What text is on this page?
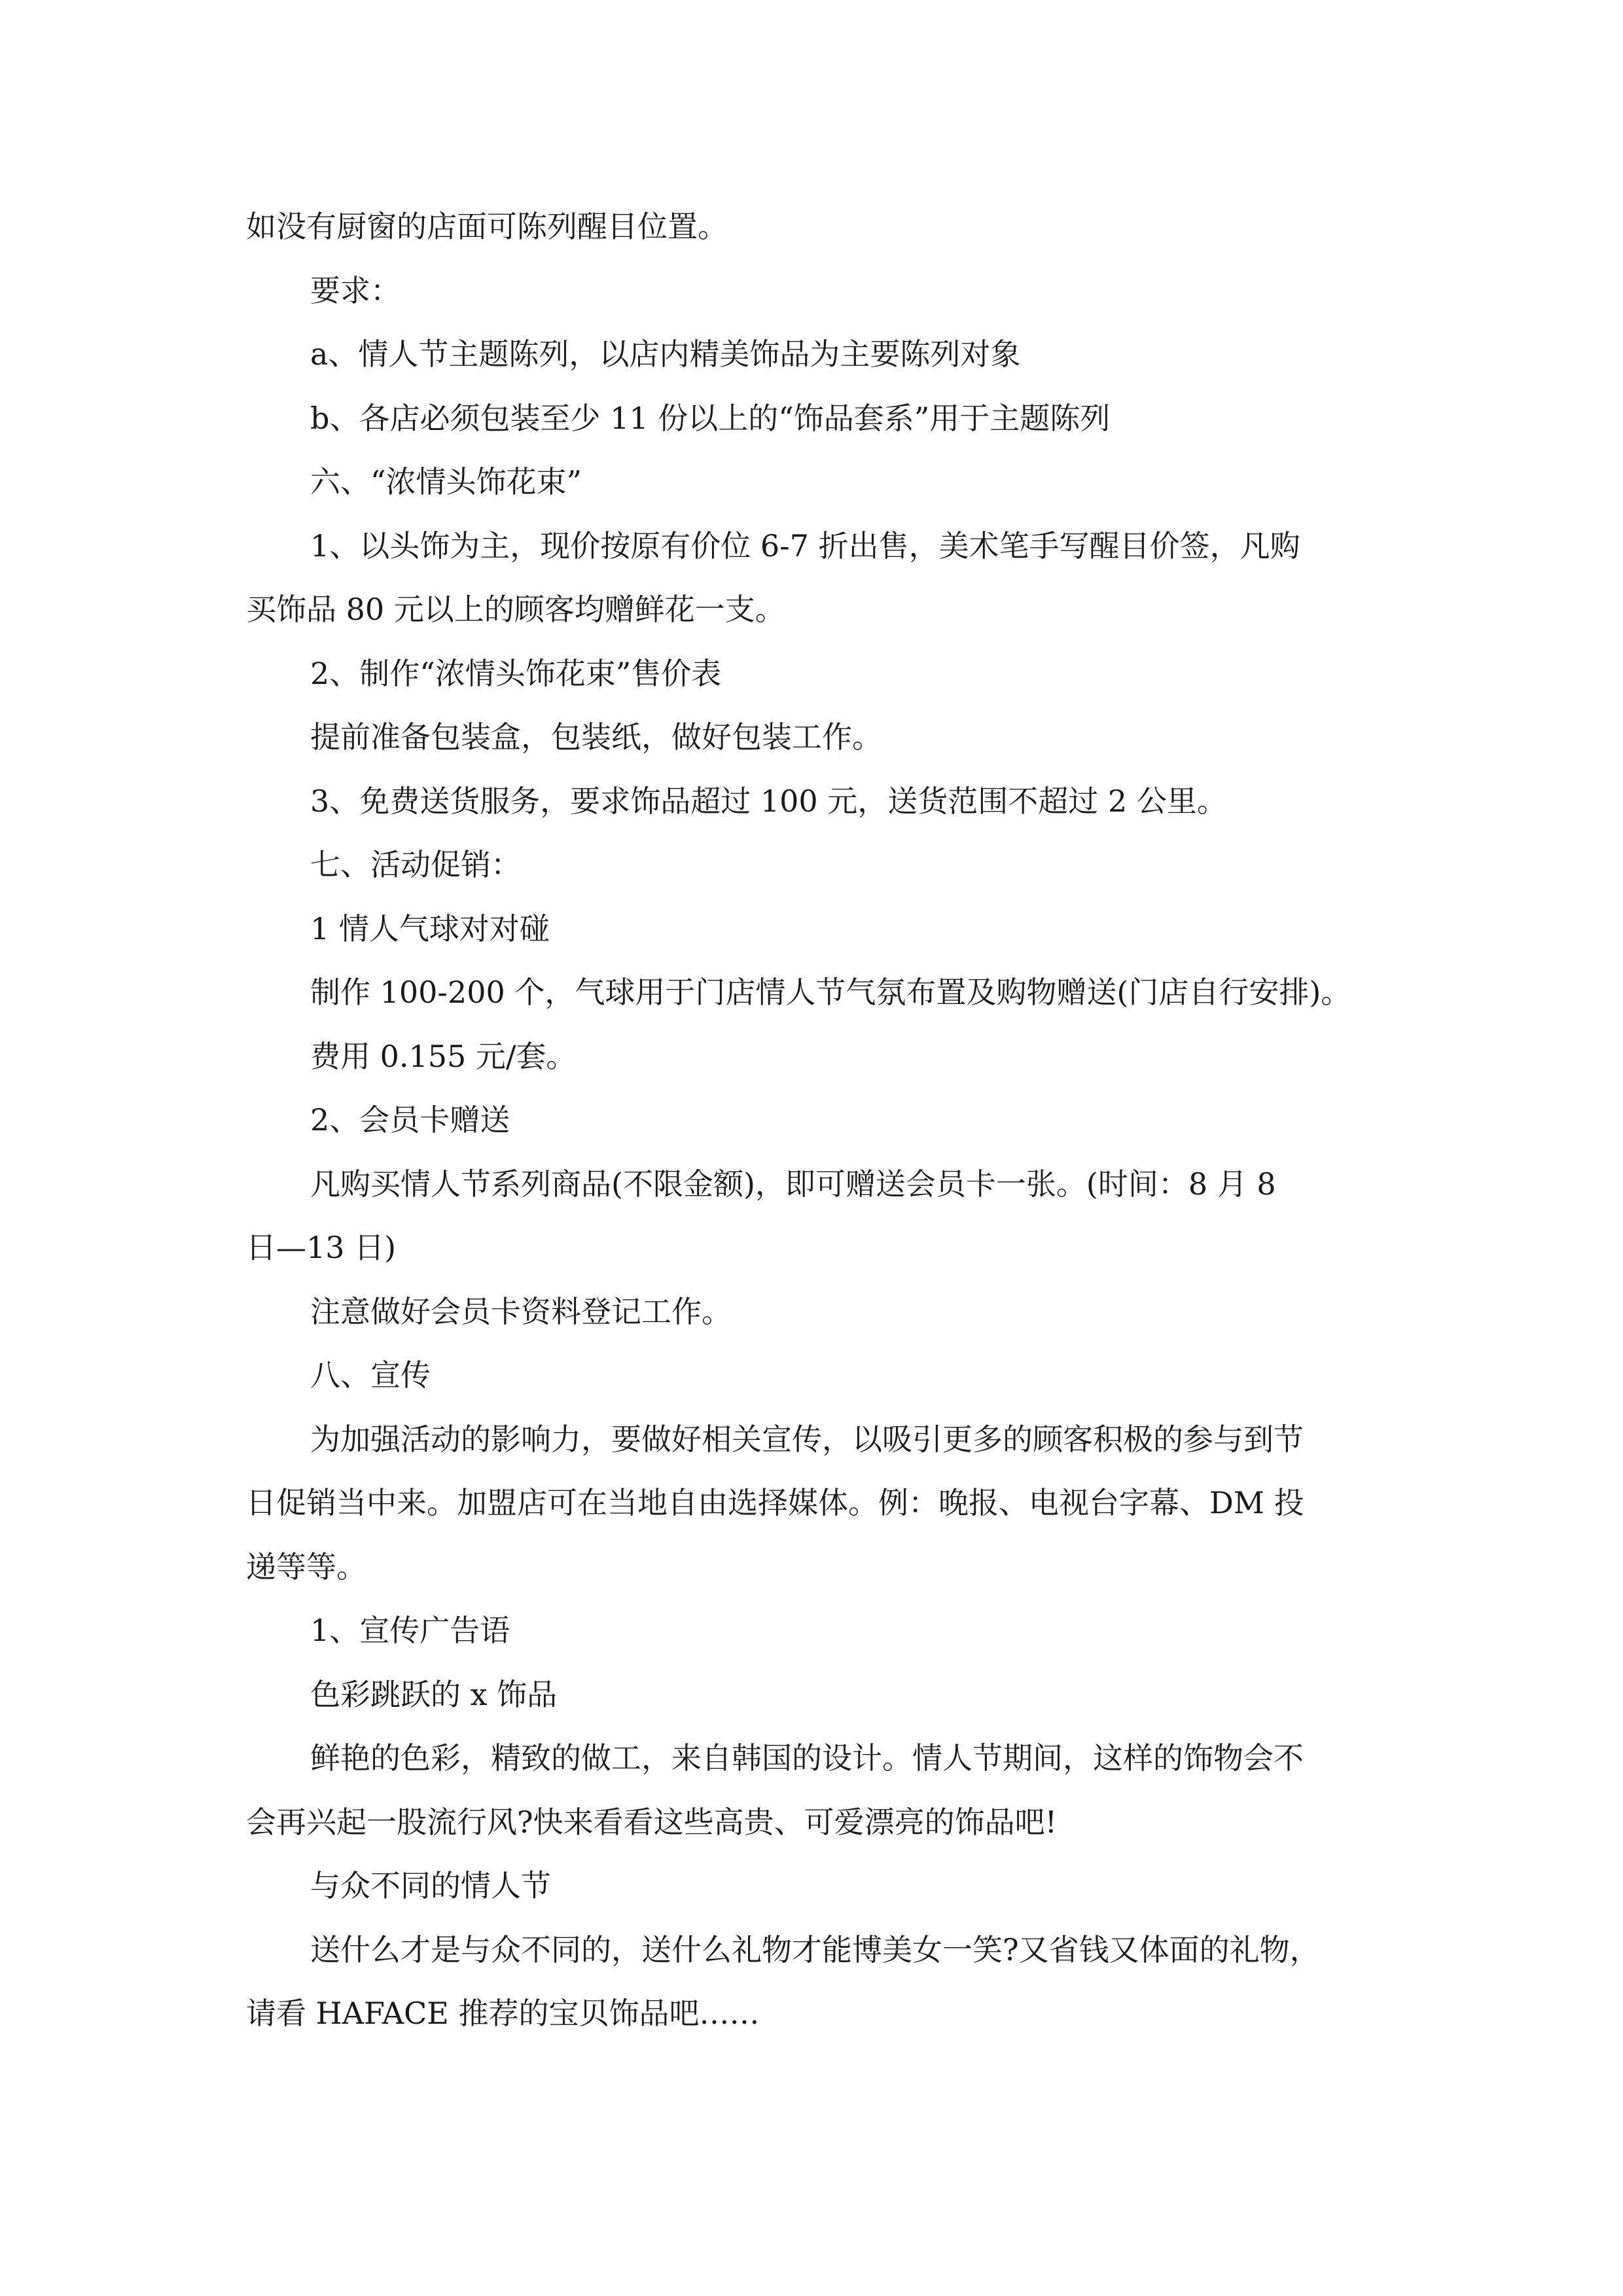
如没有厨窗的店面可陈列醒目位置。

要求：

a、情人节主题陈列，以店内精美饰品为主要陈列对象

b、各店必须包装至少 11 份以上的“饰品套系”用于主题陈列

六、“浓情头饰花束”

1、以头饰为主，现价按原有价位 6-7 折出售，美术笔手写醒目价签，凡购

买饰品 80 元以上的顾客均赠鲜花一支。

2、制作“浓情头饰花束”售价表

提前准备包装盒，包装纸，做好包装工作。

3、免费送货服务，要求饰品超过 100 元，送货范围不超过 2 公里。

七、活动促销：

1 情人气球对对碰

制作 100-200 个，气球用于门店情人节气氛布置及购物赠送(门店自行安排)。

费用 0.155 元/套。

2、会员卡赠送

凡购买情人节系列商品(不限金额)，即可赠送会员卡一张。(时间：8 月 8

日—13 日)

注意做好会员卡资料登记工作。

八、宣传

为加强活动的影响力，要做好相关宣传，以吸引更多的顾客积极的参与到节

日促销当中来。加盟店可在当地自由选择媒体。例：晚报、电视台字幕、DM 投

递等等。

1、宣传广告语

色彩跳跃的 x 饰品

鲜艳的色彩，精致的做工，来自韩国的设计。情人节期间，这样的饰物会不

会再兴起一股流行风?快来看看这些高贵、可爱漂亮的饰品吧!

与众不同的情人节

送什么才是与众不同的，送什么礼物才能博美女一笑?又省钱又体面的礼物，

请看 HAFACE 推荐的宝贝饰品吧……
